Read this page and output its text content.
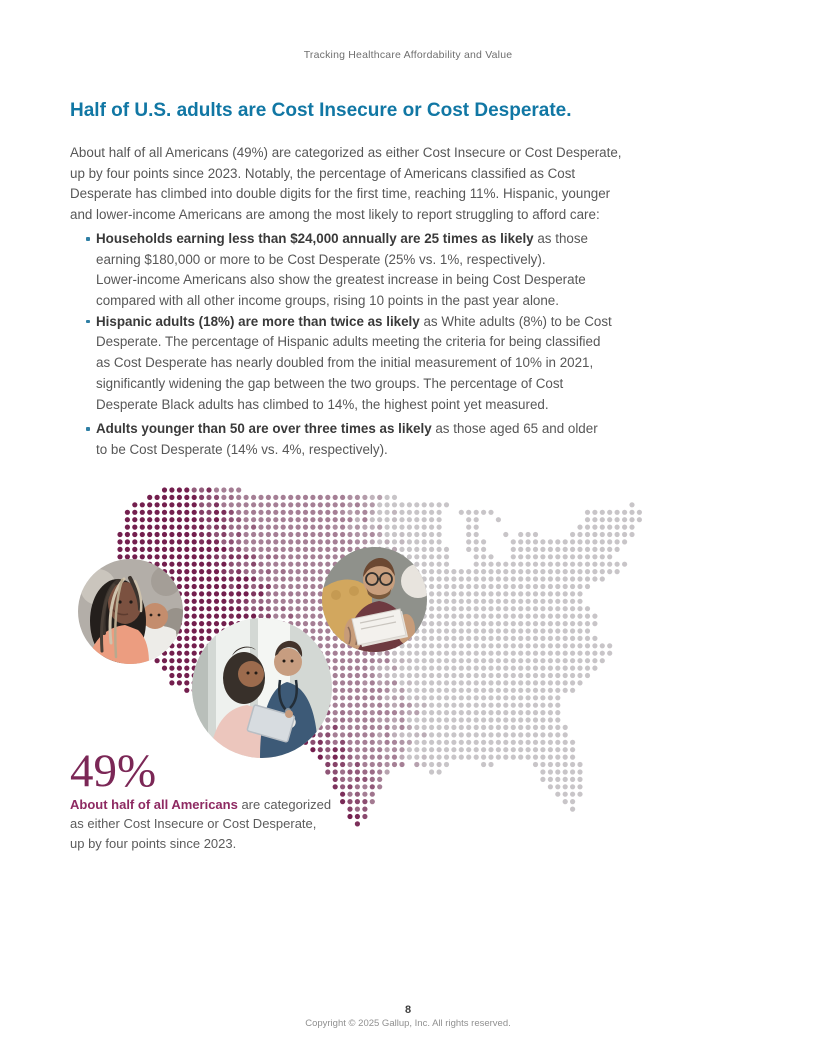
Tracking Healthcare Affordability and Value
Half of U.S. adults are Cost Insecure or Cost Desperate.
About half of all Americans (49%) are categorized as either Cost Insecure or Cost Desperate,
up by four points since 2023. Notably, the percentage of Americans classified as Cost
Desperate has climbed into double digits for the first time, reaching 11%. Hispanic, younger
and lower-income Americans are among the most likely to report struggling to afford care:
Households earning less than $24,000 annually are 25 times as likely as those
earning $180,000 or more to be Cost Desperate (25% vs. 1%, respectively).
Lower-income Americans also show the greatest increase in being Cost Desperate
compared with all other income groups, rising 10 points in the past year alone.
Hispanic adults (18%) are more than twice as likely as White adults (8%) to be Cost
Desperate. The percentage of Hispanic adults meeting the criteria for being classified
as Cost Desperate has nearly doubled from the initial measurement of 10% in 2021,
significantly widening the gap between the two groups. The percentage of Cost
Desperate Black adults has climbed to 14%, the highest point yet measured.
Adults younger than 50 are over three times as likely as those aged 65 and older
to be Cost Desperate (14% vs. 4%, respectively).
49%
About half of all Americans are categorized
as either Cost Insecure or Cost Desperate,
up by four points since 2023.
8
Copyright © 2025 Gallup, Inc. All rights reserved.
